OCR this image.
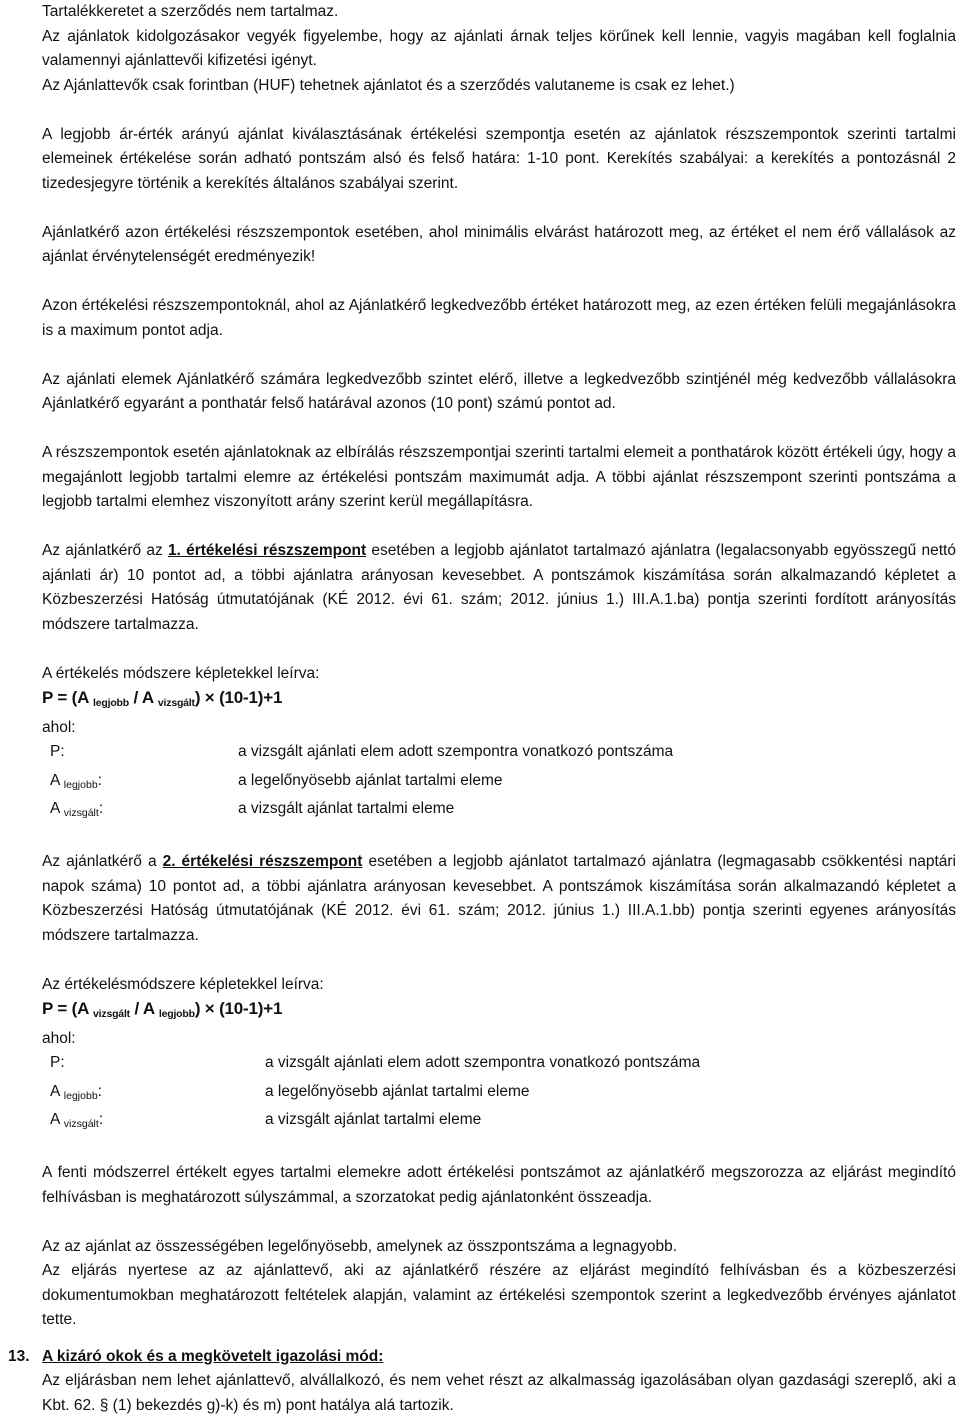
Tartalékkeretet a szerződés nem tartalmaz.

Az ajánlatok kidolgozásakor vegyék figyelembe, hogy az ajánlati árnak teljes körűnek kell lennie, vagyis magában kell foglalnia valamennyi ajánlattevői kifizetési igényt.

Az Ajánlattevők csak forintban (HUF) tehetnek ajánlatot és a szerződés valutaneme is csak ez lehet.)

A legjobb ár-érték arányú ajánlat kiválasztásának értékelési szempontja esetén az ajánlatok részszempontok szerinti tartalmi elemeinek értékelése során adható pontszám alsó és felső határa: 1-10 pont. Kerekítés szabályai: a kerekítés a pontozásnál 2 tizedesjegyre történik a kerekítés általános szabályai szerint.

Ajánlatkérő azon értékelési részszempontok esetében, ahol minimális elvárást határozott meg, az értéket el nem érő vállalások az ajánlat érvénytelenségét eredményezik!

Azon értékelési részszempontoknál, ahol az Ajánlatkérő legkedvezőbb értéket határozott meg, az ezen értéken felüli megajánlásokra is a maximum pontot adja.

Az ajánlati elemek Ajánlatkérő számára legkedvezőbb szintet elérő, illetve a legkedvezőbb szintjénél még kedvezőbb vállalásokra Ajánlatkérő egyaránt a ponthatár felső határával azonos (10 pont) számú pontot ad.

A részszempontok esetén ajánlatoknak az elbírálás részszempontjai szerinti tartalmi elemeit a ponthatárok között értékeli úgy, hogy a megajánlott legjobb tartalmi elemre az értékelési pontszám maximumát adja. A többi ajánlat részszempont szerinti pontszáma a legjobb tartalmi elemhez viszonyított arány szerint kerül megállapításra.

Az ajánlatkérő az 1. értékelési részszempont esetében a legjobb ajánlatot tartalmazó ajánlatra (legalacsonyabb egyösszegű nettó ajánlati ár) 10 pontot ad, a többi ajánlatra arányosan kevesebbet. A pontszámok kiszámítása során alkalmazandó képletet a Közbeszerzési Hatóság útmutatójának (KÉ 2012. évi 61. szám; 2012. június 1.) III.A.1.ba) pontja szerinti fordított arányosítás módszere tartalmazza.

A értékelés módszere képletekkel leírva:

P = (A $_{legjobb}$ / A $_{vizsgált}$) × (10-1)+1

ahol:

P:	a vizsgált ajánlati elem adott szempontra vonatkozó pontszáma
A $_{legjobb}$:	a legelőnyösebb ajánlat tartalmi eleme
A $_{vizsgált}$:	a vizsgált ajánlat tartalmi eleme

Az ajánlatkérő a 2. értékelési részszempont esetében a legjobb ajánlatot tartalmazó ajánlatra (legmagasabb csökkentési naptári napok száma) 10 pontot ad, a többi ajánlatra arányosan kevesebbet. A pontszámok kiszámítása során alkalmazandó képletet a Közbeszerzési Hatóság útmutatójának (KÉ 2012. évi 61. szám; 2012. június 1.) III.A.1.bb) pontja szerinti egyenes arányosítás módszere tartalmazza.

Az értékelésmódszere képletekkel leírva:

P = (A $_{vizsgált}$ / A $_{legjobb}$) × (10-1)+1

ahol:

P:	a vizsgált ajánlati elem adott szempontra vonatkozó pontszáma
A $_{legjobb}$:	a legelőnyösebb ajánlat tartalmi eleme
A $_{vizsgált}$:	a vizsgált ajánlat tartalmi eleme

A fenti módszerrel értékelt egyes tartalmi elemekre adott értékelési pontszámot az ajánlatkérő megszorozza az eljárást megindító felhívásban is meghatározott súlyszámmal, a szorzatokat pedig ajánlatonként összeadja.

Az az ajánlat az összességében legelőnyösebb, amelynek az összpontszáma a legnagyobb.

Az eljárás nyertese az az ajánlattevő, aki az ajánlatkérő részére az eljárást megindító felhívásban és a közbeszerzési dokumentumokban meghatározott feltételek alapján, valamint az értékelési szempontok szerint a legkedvezőbb érvényes ajánlatot tette.

13. A kizáró okok és a megkövetelt igazolási mód:

Az eljárásban nem lehet ajánlattevő, alvállalkozó, és nem vehet részt az alkalmasság igazolásában olyan gazdasági szereplő, aki a Kbt. 62. § (1) bekezdés g)-k) és m) pont hatálya alá tartozik.
